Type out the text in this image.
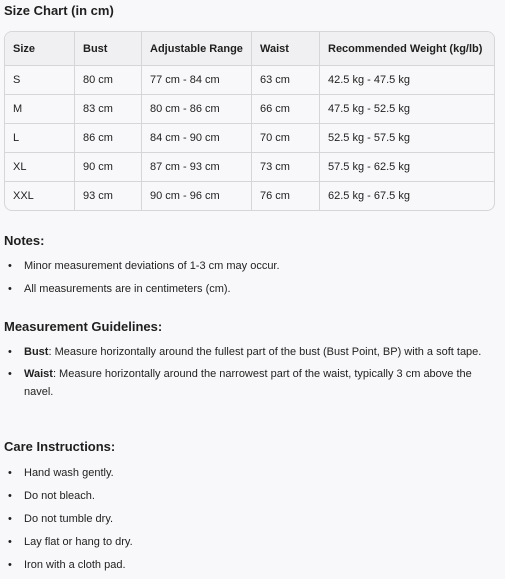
Size Chart (in cm)
Size	Bust	Adjustable Range	Waist	Recommended Weight (kg/lb)
S	80 cm	77 cm - 84 cm	63 cm	42.5 kg - 47.5 kg
M	83 cm	80 cm - 86 cm	66 cm	47.5 kg - 52.5 kg
L	86 cm	84 cm - 90 cm	70 cm	52.5 kg - 57.5 kg
XL	90 cm	87 cm - 93 cm	73 cm	57.5 kg - 62.5 kg
XXL	93 cm	90 cm - 96 cm	76 cm	62.5 kg - 67.5 kg
Notes:
• Minor measurement deviations of 1-3 cm may occur.
• All measurements are in centimeters (cm).
Measurement Guidelines:
• Bust: Measure horizontally around the fullest part of the bust (Bust Point, BP) with a soft tape.
• Waist: Measure horizontally around the narrowest part of the waist, typically 3 cm above the navel.
Care Instructions:
• Hand wash gently.
• Do not bleach.
• Do not tumble dry.
• Lay flat or hang to dry.
• Iron with a cloth pad.
